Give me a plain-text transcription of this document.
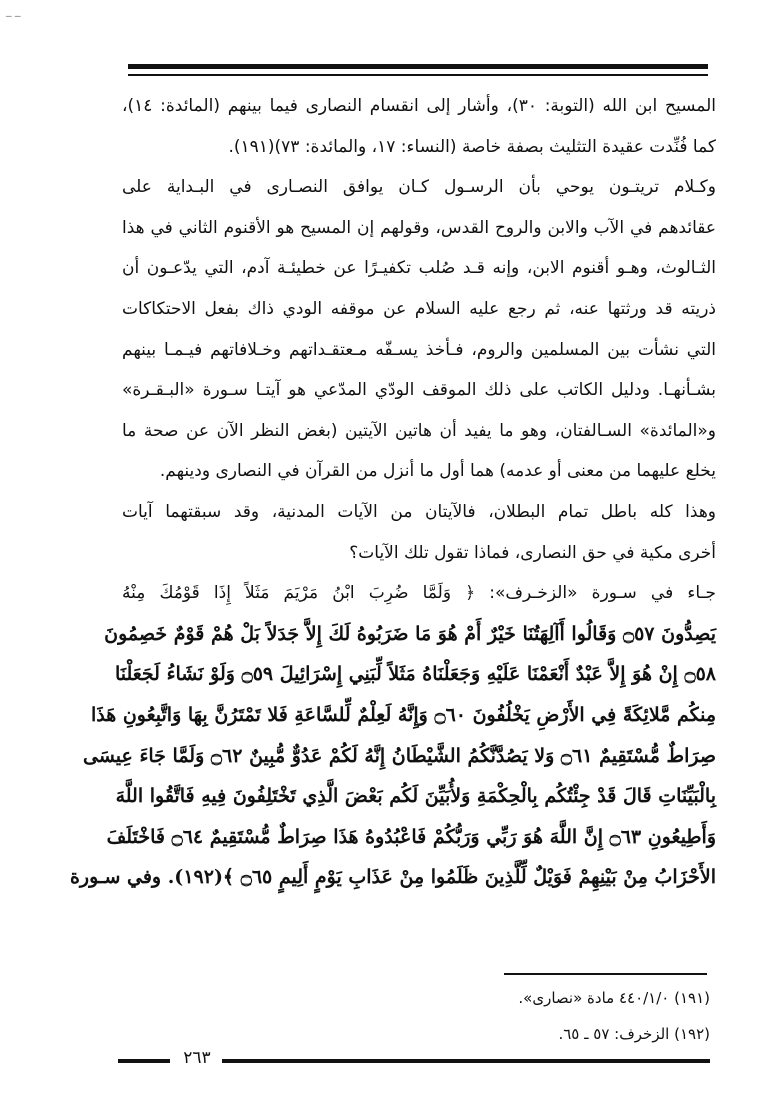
_ _
المسيح ابن الله (التوبة: ٣٠)، وأشار إلى انقسام النصارى فيما بينهم (المائدة: ١٤)،
كما فُنِّدت عقيدة التثليث بصفة خاصة (النساء: ١٧، والمائدة: ٧٣)(١٩١).
وكـلام تريتـون يوحي بأن الرسـول كـان يوافق النصـارى في البـداية على
عقائدهم في الآب والابن والروح القدس، وقولهم إن المسيح هو الأقنوم الثاني في هذا
الثـالوث، وهـو أقنوم الابن، وإنه قـد صُلب تكفيـرًا عن خطيئـة آدم، التي يدّعـون أن
ذريته قد ورثتها عنه، ثم رجع عليه السلام عن موقفه الودي ذاك بفعل الاحتكاكات
التي نشأت بين المسلمين والروم، فـأخذ يسـفّه مـعتقـداتهم وخـلافاتهم فيـمـا بينهم
بشـأنهـا. ودليل الكاتب على ذلك الموقف الودّي المدّعي هو آيتـا سـورة «البـقـرة»
و«المائدة» السـالفتان، وهو ما يفيد أن هاتين الآيتين (بغض النظر الآن عن صحة ما
يخلع عليهما من معنى أو عدمه) هما أول ما أنزل من القرآن في النصارى ودينهم.
وهذا كله باطل تمام البطلان، فالآيتان من الآيات المدنية، وقد سبقتهما آيات
أخرى مكية في حق النصارى، فماذا تقول تلك الآيات؟
جـاء في سـورة «الزخـرف»: ﴿ وَلَمَّا ضُرِبَ ابْنُ مَرْيَمَ مَثَلاً إِذَا قَوْمُكَ مِنْهُ
يَصِدُّونَ ۝٥٧ وَقَالُوا أَآلِهَتُنَا خَيْرٌ أَمْ هُوَ مَا ضَرَبُوهُ لَكَ إِلاَّ جَدَلاً بَلْ هُمْ قَوْمٌ خَصِمُونَ
۝٥٨ إِنْ هُوَ إِلاَّ عَبْدٌ أَنْعَمْنَا عَلَيْهِ وَجَعَلْنَاهُ مَثَلاً لِّبَنِي إِسْرَائِيلَ ۝٥٩ وَلَوْ نَشَاءُ لَجَعَلْنَا
مِنكُم مَّلائِكَةً فِي الأَرْضِ يَخْلُفُونَ ۝٦٠ وَإِنَّهُ لَعِلْمٌ لِّلسَّاعَةِ فَلا تَمْتَرُنَّ بِهَا وَاتَّبِعُونِ هَذَا
صِرَاطٌ مُّسْتَقِيمٌ ۝٦١ وَلا يَصُدَّنَّكُمُ الشَّيْطَانُ إِنَّهُ لَكُمْ عَدُوٌّ مُّبِينٌ ۝٦٢ وَلَمَّا جَاءَ عِيسَى
بِالْبَيِّنَاتِ قَالَ قَدْ جِئْتُكُم بِالْحِكْمَةِ وَلأُبَيِّنَ لَكُم بَعْضَ الَّذِي تَخْتَلِفُونَ فِيهِ فَاتَّقُوا اللَّهَ
وَأَطِيعُونِ ۝٦٣ إِنَّ اللَّهَ هُوَ رَبِّي وَرَبُّكُمْ فَاعْبُدُوهُ هَذَا صِرَاطٌ مُّسْتَقِيمٌ ۝٦٤ فَاخْتَلَفَ
الأَحْزَابُ مِنْ بَيْنِهِمْ فَوَيْلٌ لِّلَّذِينَ ظَلَمُوا مِنْ عَذَابِ يَوْمٍ أَلِيمٍ ۝٦٥ ﴾(١٩٢). وفي سـورة
(١٩١) ٤٤٠/١/٠ مادة «نصارى».
(١٩٢) الزخرف: ٥٧ ـ ٦٥.
٢٦٣
